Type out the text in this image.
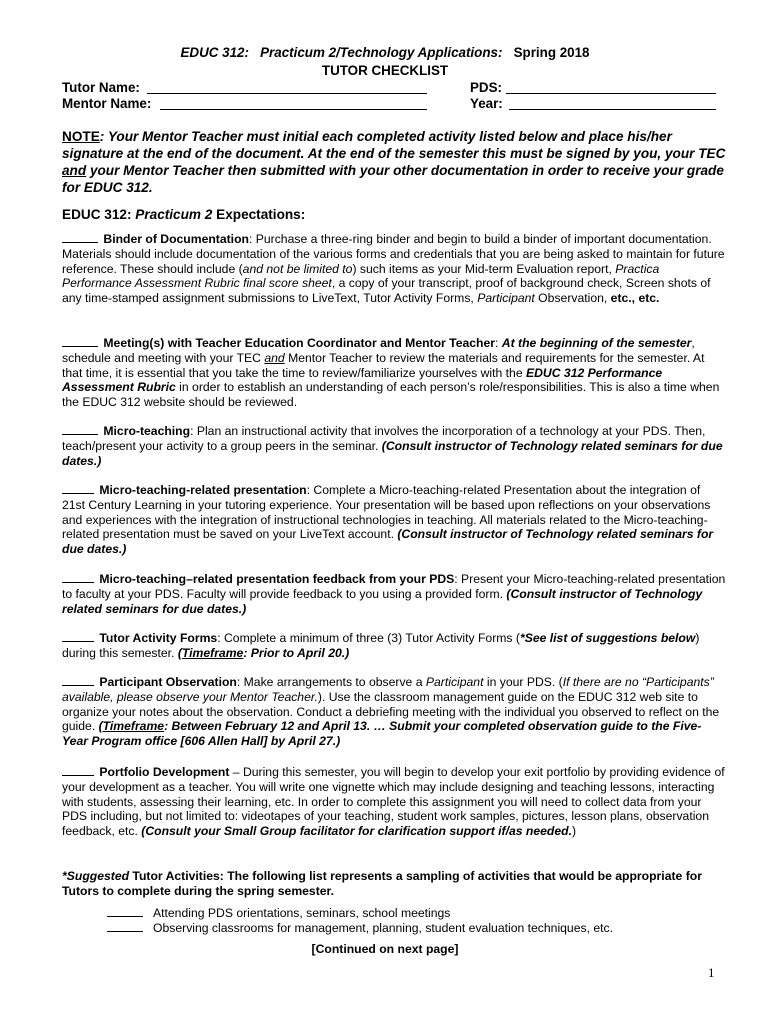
EDUC 312: Practicum 2/Technology Applications: Spring 2018
TUTOR CHECKLIST
Tutor Name:
Mentor Name:
PDS:
Year:
NOTE: Your Mentor Teacher must initial each completed activity listed below and place his/her signature at the end of the document. At the end of the semester this must be signed by you, your TEC and your Mentor Teacher then submitted with your other documentation in order to receive your grade for EDUC 312.
EDUC 312: Practicum 2 Expectations:
Binder of Documentation: Purchase a three-ring binder and begin to build a binder of important documentation. Materials should include documentation of the various forms and credentials that you are being asked to maintain for future reference. These should include (and not be limited to) such items as your Mid-term Evaluation report, Practica Performance Assessment Rubric final score sheet, a copy of your transcript, proof of background check, Screen shots of any time-stamped assignment submissions to LiveText, Tutor Activity Forms, Participant Observation, etc., etc.
Meeting(s) with Teacher Education Coordinator and Mentor Teacher: At the beginning of the semester, schedule and meeting with your TEC and Mentor Teacher to review the materials and requirements for the semester. At that time, it is essential that you take the time to review/familiarize yourselves with the EDUC 312 Performance Assessment Rubric in order to establish an understanding of each person’s role/responsibilities. This is also a time when the EDUC 312 website should be reviewed.
Micro-teaching: Plan an instructional activity that involves the incorporation of a technology at your PDS. Then, teach/present your activity to a group peers in the seminar. (Consult instructor of Technology related seminars for due dates.)
Micro-teaching-related presentation: Complete a Micro-teaching-related Presentation about the integration of 21st Century Learning in your tutoring experience. Your presentation will be based upon reflections on your observations and experiences with the integration of instructional technologies in teaching. All materials related to the Micro-teaching-related presentation must be saved on your LiveText account. (Consult instructor of Technology related seminars for due dates.)
Micro-teaching–related presentation feedback from your PDS: Present your Micro-teaching-related presentation to faculty at your PDS. Faculty will provide feedback to you using a provided form. (Consult instructor of Technology related seminars for due dates.)
Tutor Activity Forms: Complete a minimum of three (3) Tutor Activity Forms (*See list of suggestions below) during this semester. (Timeframe: Prior to April 20.)
Participant Observation: Make arrangements to observe a Participant in your PDS. (If there are no “Participants” available, please observe your Mentor Teacher.). Use the classroom management guide on the EDUC 312 web site to organize your notes about the observation. Conduct a debriefing meeting with the individual you observed to reflect on the guide. (Timeframe: Between February 12 and April 13. … Submit your completed observation guide to the Five-Year Program office [606 Allen Hall] by April 27.)
Portfolio Development – During this semester, you will begin to develop your exit portfolio by providing evidence of your development as a teacher. You will write one vignette which may include designing and teaching lessons, interacting with students, assessing their learning, etc. In order to complete this assignment you will need to collect data from your PDS including, but not limited to: videotapes of your teaching, student work samples, pictures, lesson plans, observation feedback, etc. (Consult your Small Group facilitator for clarification support if/as needed.)
*Suggested Tutor Activities: The following list represents a sampling of activities that would be appropriate for Tutors to complete during the spring semester.
Attending PDS orientations, seminars, school meetings
Observing classrooms for management, planning, student evaluation techniques, etc.
[Continued on next page]
1
